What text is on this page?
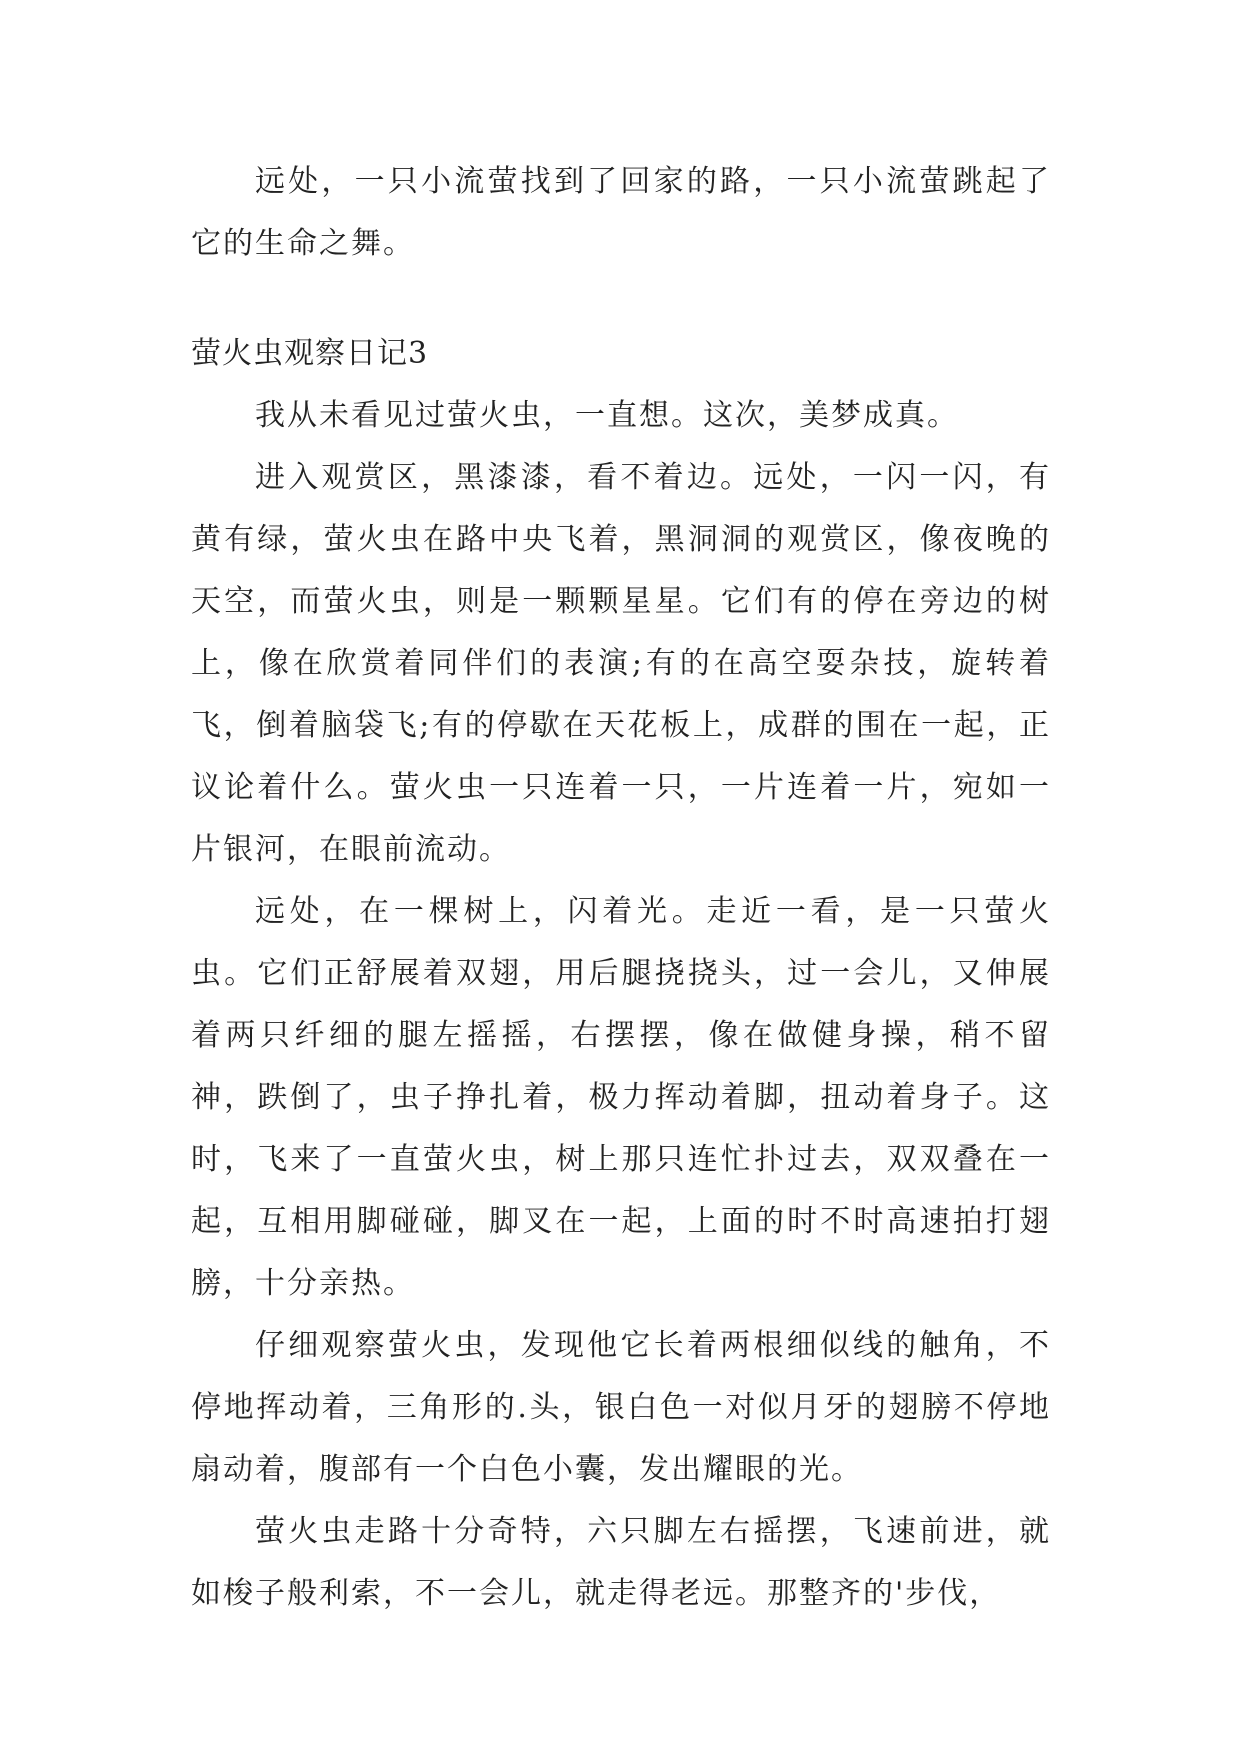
远处，一只小流萤找到了回家的路，一只小流萤跳起了它的生命之舞。

萤火虫观察日记3

我从未看见过萤火虫，一直想。这次，美梦成真。

进入观赏区，黑漆漆，看不着边。远处，一闪一闪，有黄有绿，萤火虫在路中央飞着，黑洞洞的观赏区，像夜晚的天空，而萤火虫，则是一颗颗星星。它们有的停在旁边的树上，像在欣赏着同伴们的表演;有的在高空耍杂技，旋转着飞，倒着脑袋飞;有的停歇在天花板上，成群的围在一起，正议论着什么。萤火虫一只连着一只，一片连着一片，宛如一片银河，在眼前流动。

远处，在一棵树上，闪着光。走近一看，是一只萤火虫。它们正舒展着双翅，用后腿挠挠头，过一会儿，又伸展着两只纤细的腿左摇摇，右摆摆，像在做健身操，稍不留神，跌倒了，虫子挣扎着，极力挥动着脚，扭动着身子。这时，飞来了一直萤火虫，树上那只连忙扑过去，双双叠在一起，互相用脚碰碰，脚叉在一起，上面的时不时高速拍打翅膀，十分亲热。

仔细观察萤火虫，发现他它长着两根细似线的触角，不停地挥动着，三角形的.头，银白色一对似月牙的翅膀不停地扇动着，腹部有一个白色小囊，发出耀眼的光。

萤火虫走路十分奇特，六只脚左右摇摆，飞速前进，就如梭子般利索，不一会儿，就走得老远。那整齐的'步伐，
